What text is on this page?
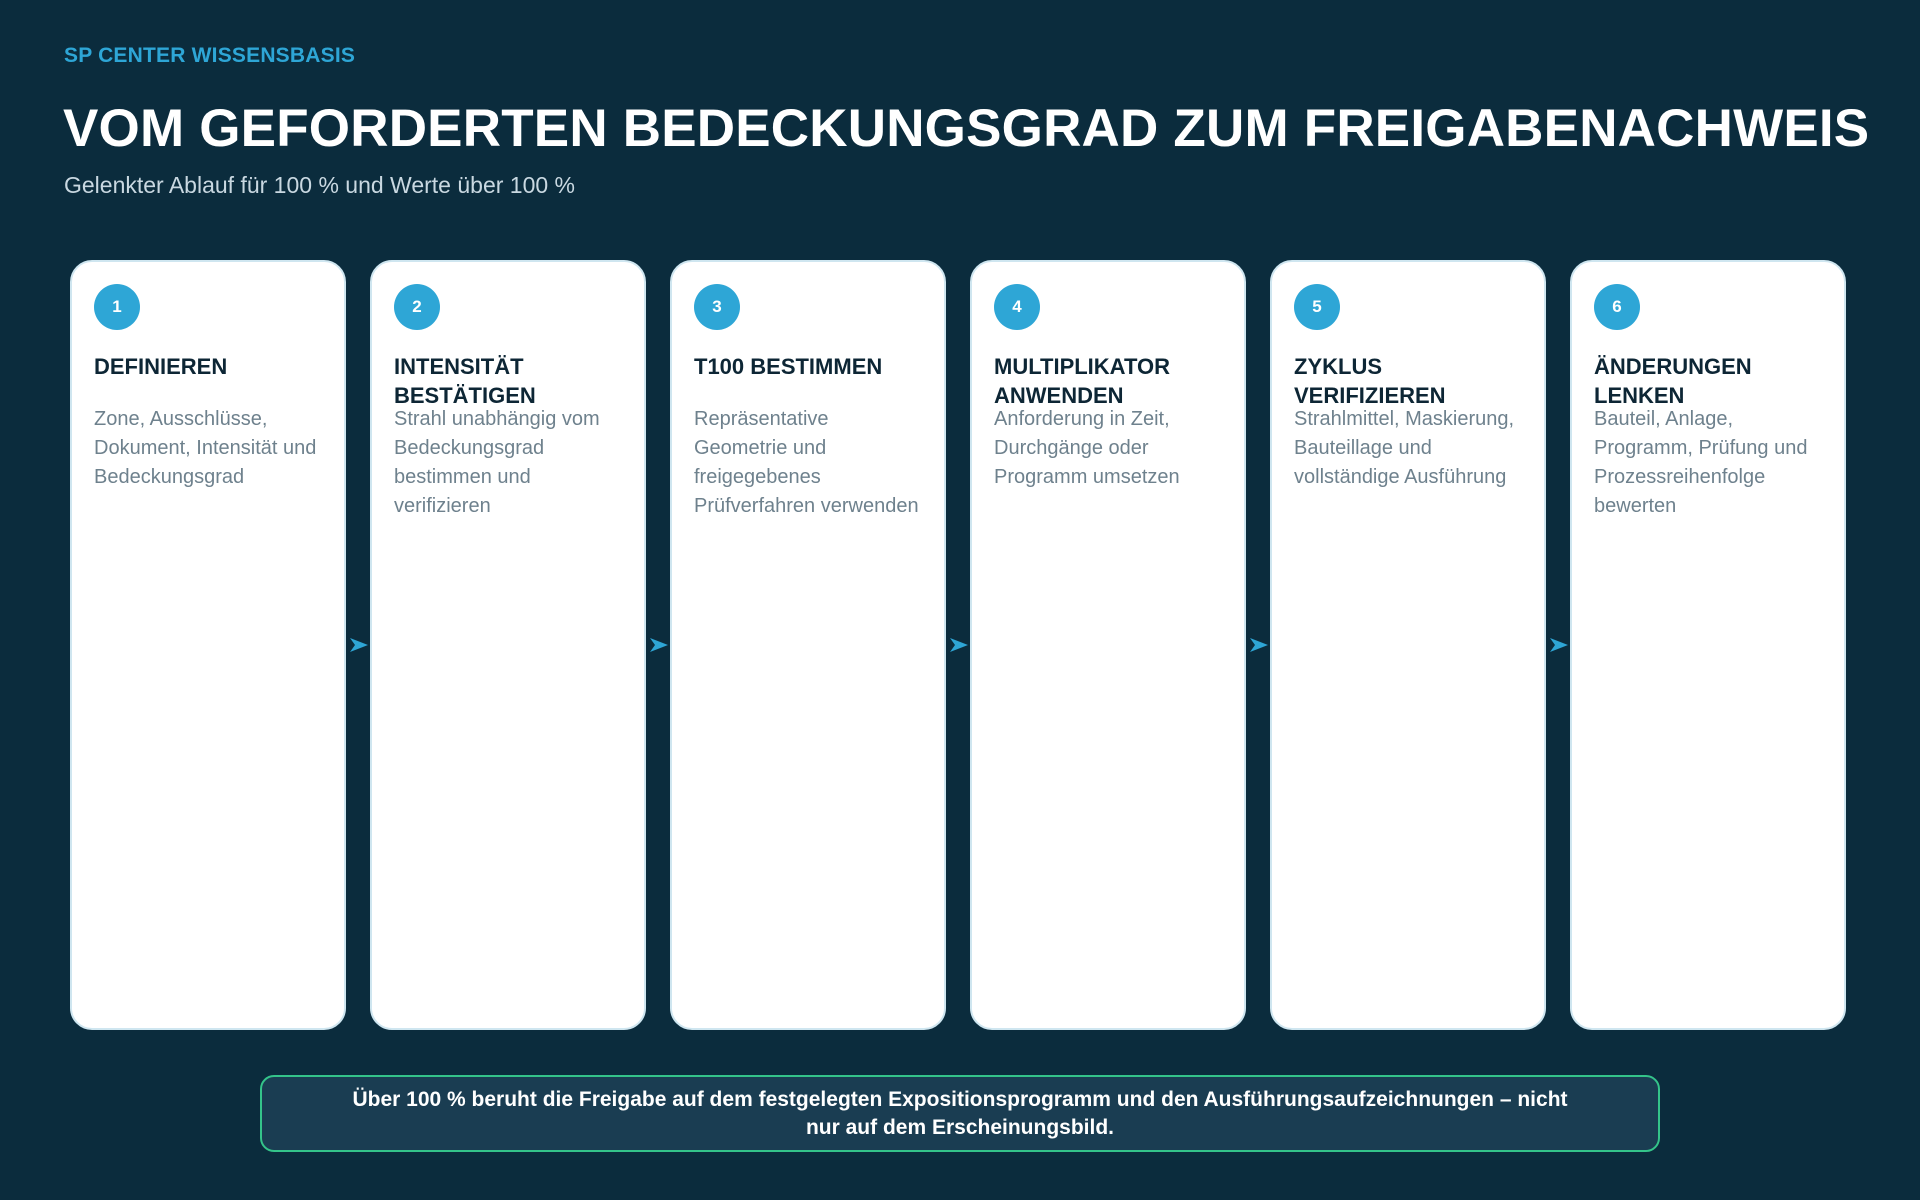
SP CENTER WISSENSBASIS
VOM GEFORDERTEN BEDECKUNGSGRAD ZUM FREIGABENACHWEIS
Gelenkter Ablauf für 100 % und Werte über 100 %
1
DEFINIEREN
Zone, Ausschlüsse, Dokument, Intensität und Bedeckungsgrad
2
INTENSITÄT BESTÄTIGEN
Strahl unabhängig vom Bedeckungsgrad bestimmen und verifizieren
3
T100 BESTIMMEN
Repräsentative Geometrie und freigegebenes Prüfverfahren verwenden
4
MULTIPLIKATOR ANWENDEN
Anforderung in Zeit, Durchgänge oder Programm umsetzen
5
ZYKLUS VERIFIZIEREN
Strahlmittel, Maskierung, Bauteillage und vollständige Ausführung
6
ÄNDERUNGEN LENKEN
Bauteil, Anlage, Programm, Prüfung und Prozessreihenfolge bewerten
Über 100 % beruht die Freigabe auf dem festgelegten Expositionsprogramm und den Ausführungsaufzeichnungen – nicht nur auf dem Erscheinungsbild.
